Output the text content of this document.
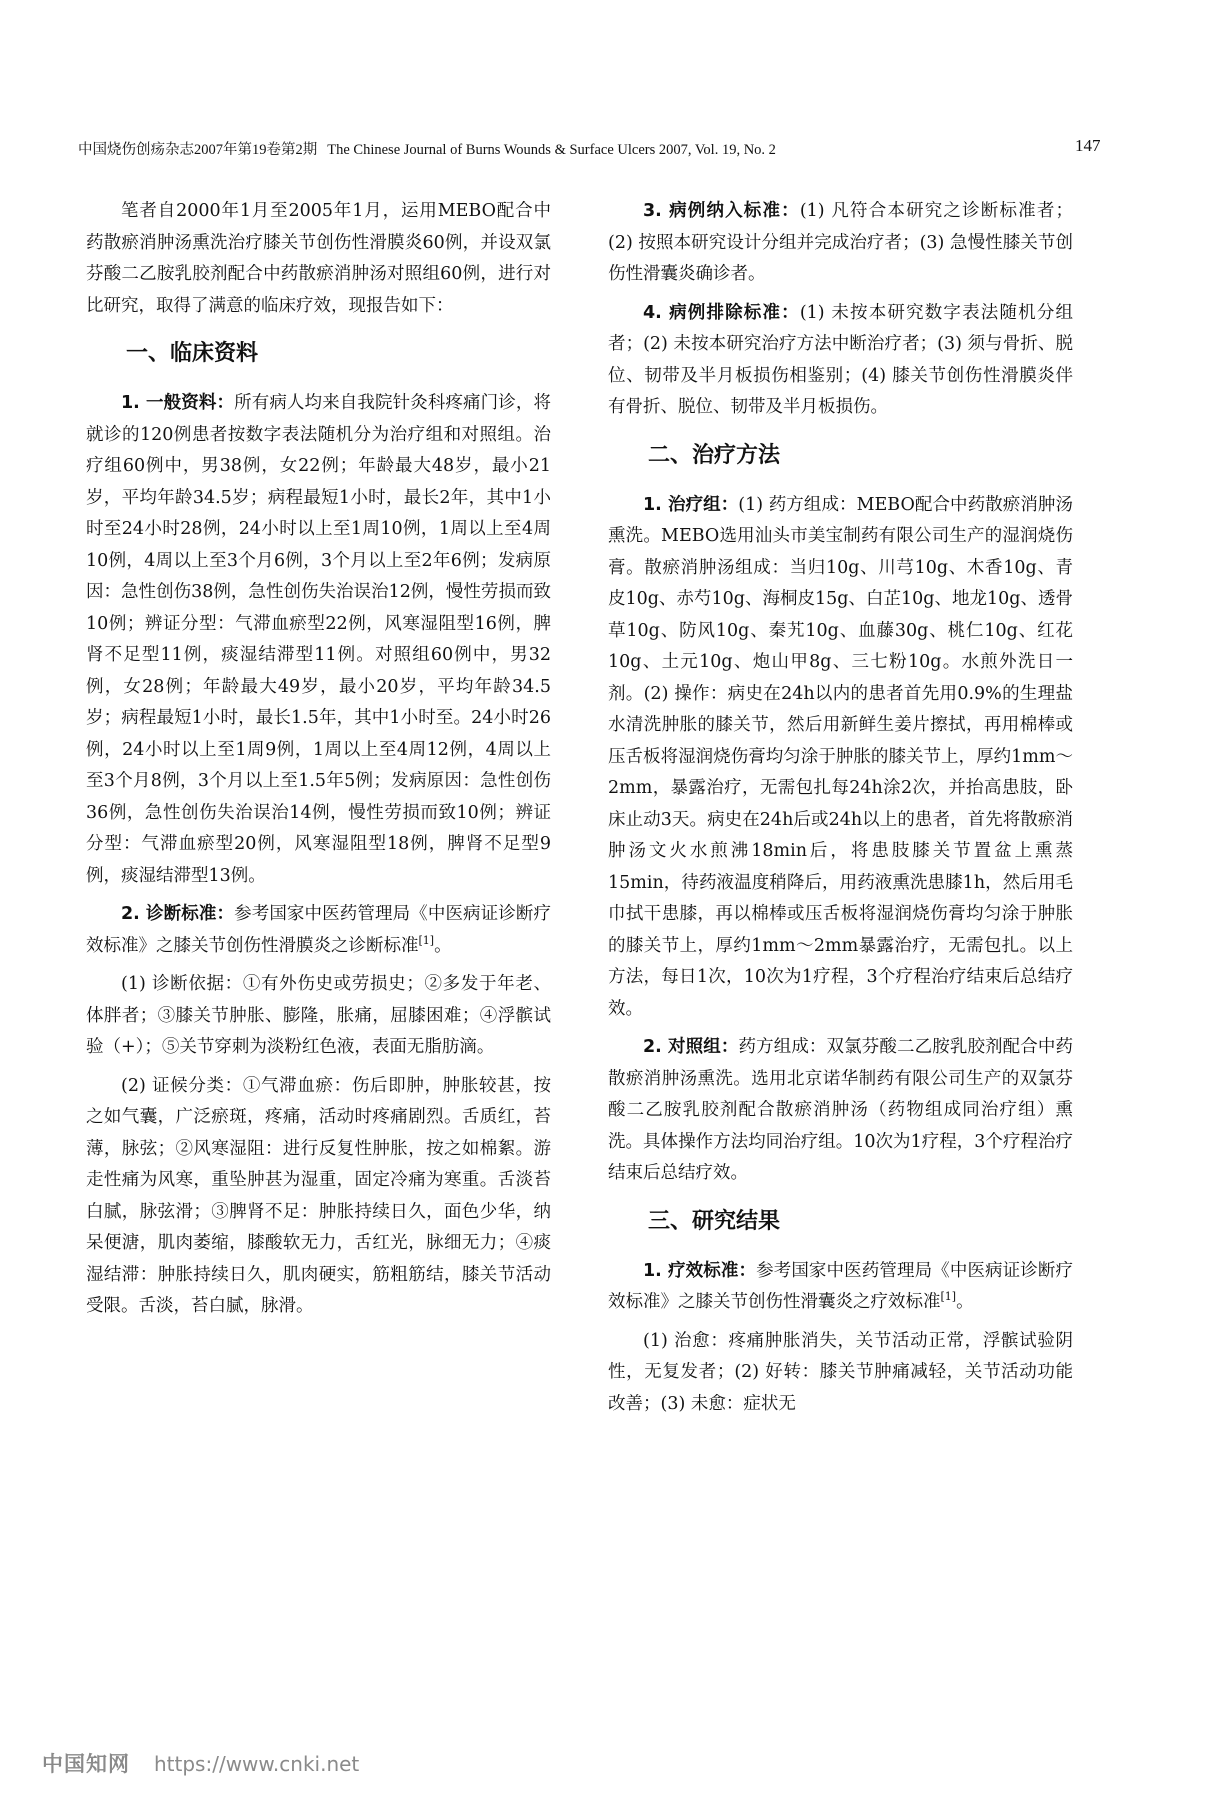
中国烧伤创疡杂志2007年第19卷第2期 The Chinese Journal of Burns Wounds & Surface Ulcers 2007, Vol. 19, No. 2	147

笔者自2000年1月至2005年1月，运用MEBO配合中药散瘀消肿汤熏洗治疗膝关节创伤性滑膜炎60例，并设双氯芬酸二乙胺乳胶剂配合中药散瘀消肿汤对照组60例，进行对比研究，取得了满意的临床疗效，现报告如下：

一、临床资料

1. 一般资料：所有病人均来自我院针灸科疼痛门诊，将就诊的120例患者按数字表法随机分为治疗组和对照组。治疗组60例中，男38例，女22例；年龄最大48岁，最小21岁，平均年龄34.5岁；病程最短1小时，最长2年，其中1小时至24小时28例，24小时以上至1周10例，1周以上至4周10例，4周以上至3个月6例，3个月以上至2年6例；发病原因：急性创伤38例，急性创伤失治误治12例，慢性劳损而致10例；辨证分型：气滞血瘀型22例，风寒湿阻型16例，脾肾不足型11例，痰湿结滞型11例。对照组60例中，男32例，女28例；年龄最大49岁，最小20岁，平均年龄34.5岁；病程最短1小时，最长1.5年，其中1小时至。24小时26例，24小时以上至1周9例，1周以上至4周12例，4周以上至3个月8例，3个月以上至1.5年5例；发病原因：急性创伤36例，急性创伤失治误治14例，慢性劳损而致10例；辨证分型：气滞血瘀型20例，风寒湿阻型18例，脾肾不足型9例，痰湿结滞型13例。

2. 诊断标准：参考国家中医药管理局《中医病证诊断疗效标准》之膝关节创伤性滑膜炎之诊断标准[1]。

(1) 诊断依据：①有外伤史或劳损史；②多发于年老、体胖者；③膝关节肿胀、膨隆，胀痛，屈膝困难；④浮髌试验（+）；⑤关节穿刺为淡粉红色液，表面无脂肪滴。

(2) 证候分类：①气滞血瘀：伤后即肿，肿胀较甚，按之如气囊，广泛瘀斑，疼痛，活动时疼痛剧烈。舌质红，苔薄，脉弦；②风寒湿阻：进行反复性肿胀，按之如棉絮。游走性痛为风寒，重坠肿甚为湿重，固定冷痛为寒重。舌淡苔白腻，脉弦滑；③脾肾不足：肿胀持续日久，面色少华，纳呆便溏，肌肉萎缩，膝酸软无力，舌红光，脉细无力；④痰湿结滞：肿胀持续日久，肌肉硬实，筋粗筋结，膝关节活动受限。舌淡，苔白腻，脉滑。

3. 病例纳入标准：(1) 凡符合本研究之诊断标准者；(2) 按照本研究设计分组并完成治疗者；(3) 急慢性膝关节创伤性滑囊炎确诊者。

4. 病例排除标准：(1) 未按本研究数字表法随机分组者；(2) 未按本研究治疗方法中断治疗者；(3) 须与骨折、脱位、韧带及半月板损伤相鉴别；(4) 膝关节创伤性滑膜炎伴有骨折、脱位、韧带及半月板损伤。

二、治疗方法

1. 治疗组：(1) 药方组成：MEBO配合中药散瘀消肿汤熏洗。MEBO选用汕头市美宝制药有限公司生产的湿润烧伤膏。散瘀消肿汤组成：当归10g、川芎10g、木香10g、青皮10g、赤芍10g、海桐皮15g、白芷10g、地龙10g、透骨草10g、防风10g、秦艽10g、血藤30g、桃仁10g、红花10g、土元10g、炮山甲8g、三七粉10g。水煎外洗日一剂。(2) 操作：病史在24h以内的患者首先用0.9%的生理盐水清洗肿胀的膝关节，然后用新鲜生姜片擦拭，再用棉棒或压舌板将湿润烧伤膏均匀涂于肿胀的膝关节上，厚约1mm～2mm，暴露治疗，无需包扎每24h涂2次，并抬高患肢，卧床止动3天。病史在24h后或24h以上的患者，首先将散瘀消肿汤文火水煎沸18min后，将患肢膝关节置盆上熏蒸15min，待药液温度稍降后，用药液熏洗患膝1h，然后用毛巾拭干患膝，再以棉棒或压舌板将湿润烧伤膏均匀涂于肿胀的膝关节上，厚约1mm～2mm暴露治疗，无需包扎。以上方法，每日1次，10次为1疗程，3个疗程治疗结束后总结疗效。

2. 对照组：药方组成：双氯芬酸二乙胺乳胶剂配合中药散瘀消肿汤熏洗。选用北京诺华制药有限公司生产的双氯芬酸二乙胺乳胶剂配合散瘀消肿汤（药物组成同治疗组）熏洗。具体操作方法均同治疗组。10次为1疗程，3个疗程治疗结束后总结疗效。

三、研究结果

1. 疗效标准：参考国家中医药管理局《中医病证诊断疗效标准》之膝关节创伤性滑囊炎之疗效标准[1]。

(1) 治愈：疼痛肿胀消失，关节活动正常，浮髌试验阴性，无复发者；(2) 好转：膝关节肿痛减轻，关节活动功能改善；(3) 未愈：症状无

中国知网 https://www.cnki.net
